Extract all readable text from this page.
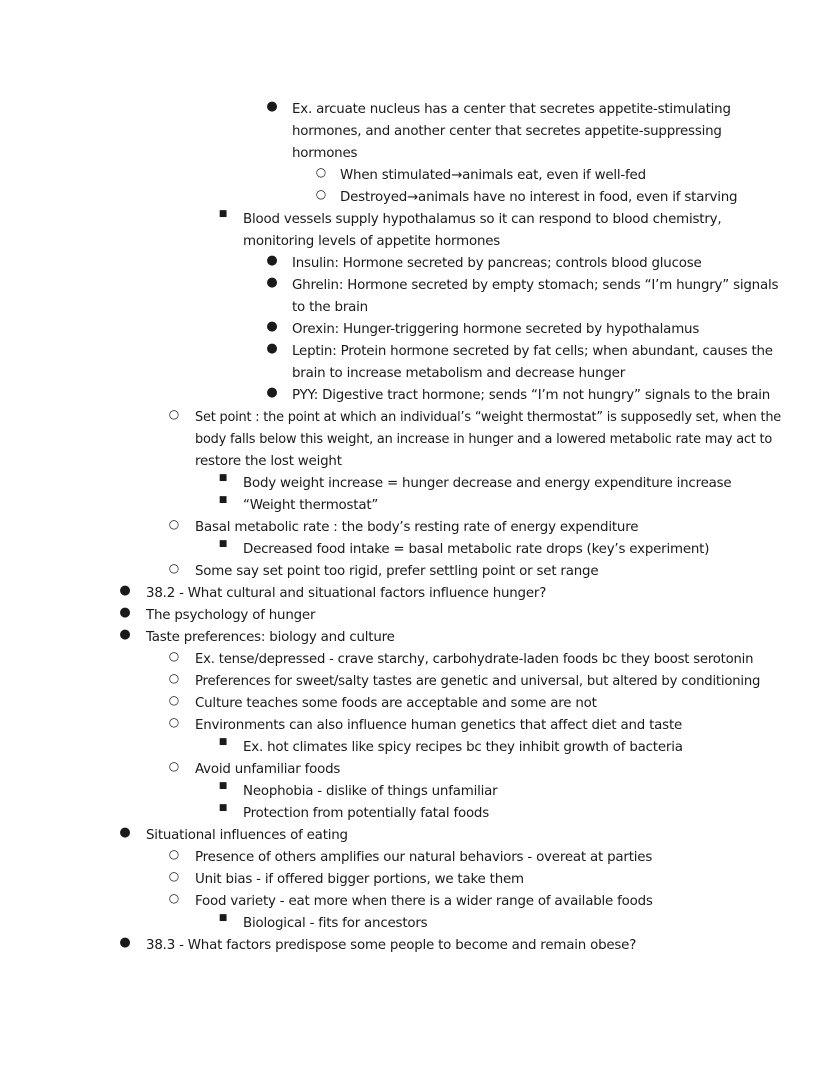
● Ex. arcuate nucleus has a center that secretes appetite-stimulating
hormones, and another center that secretes appetite-suppressing
hormones
○ When stimulated→animals eat, even if well-fed
○ Destroyed→animals have no interest in food, even if starving
■ Blood vessels supply hypothalamus so it can respond to blood chemistry,
monitoring levels of appetite hormones
● Insulin: Hormone secreted by pancreas; controls blood glucose
● Ghrelin: Hormone secreted by empty stomach; sends “I’m hungry” signals
to the brain
● Orexin: Hunger-triggering hormone secreted by hypothalamus
● Leptin: Protein hormone secreted by fat cells; when abundant, causes the
brain to increase metabolism and decrease hunger
● PYY: Digestive tract hormone; sends “I’m not hungry” signals to the brain
○ Set point : the point at which an individual’s “weight thermostat” is supposedly set, when the
body falls below this weight, an increase in hunger and a lowered metabolic rate may act to
restore the lost weight
■ Body weight increase = hunger decrease and energy expenditure increase
■ “Weight thermostat”
○ Basal metabolic rate : the body’s resting rate of energy expenditure
■ Decreased food intake = basal metabolic rate drops (key’s experiment)
○ Some say set point too rigid, prefer settling point or set range
● 38.2 - What cultural and situational factors influence hunger?
● The psychology of hunger
● Taste preferences: biology and culture
○ Ex. tense/depressed - crave starchy, carbohydrate-laden foods bc they boost serotonin
○ Preferences for sweet/salty tastes are genetic and universal, but altered by conditioning
○ Culture teaches some foods are acceptable and some are not
○ Environments can also influence human genetics that affect diet and taste
■ Ex. hot climates like spicy recipes bc they inhibit growth of bacteria
○ Avoid unfamiliar foods
■ Neophobia - dislike of things unfamiliar
■ Protection from potentially fatal foods
● Situational influences of eating
○ Presence of others amplifies our natural behaviors - overeat at parties
○ Unit bias - if offered bigger portions, we take them
○ Food variety - eat more when there is a wider range of available foods
■ Biological - fits for ancestors
● 38.3 - What factors predispose some people to become and remain obese?
